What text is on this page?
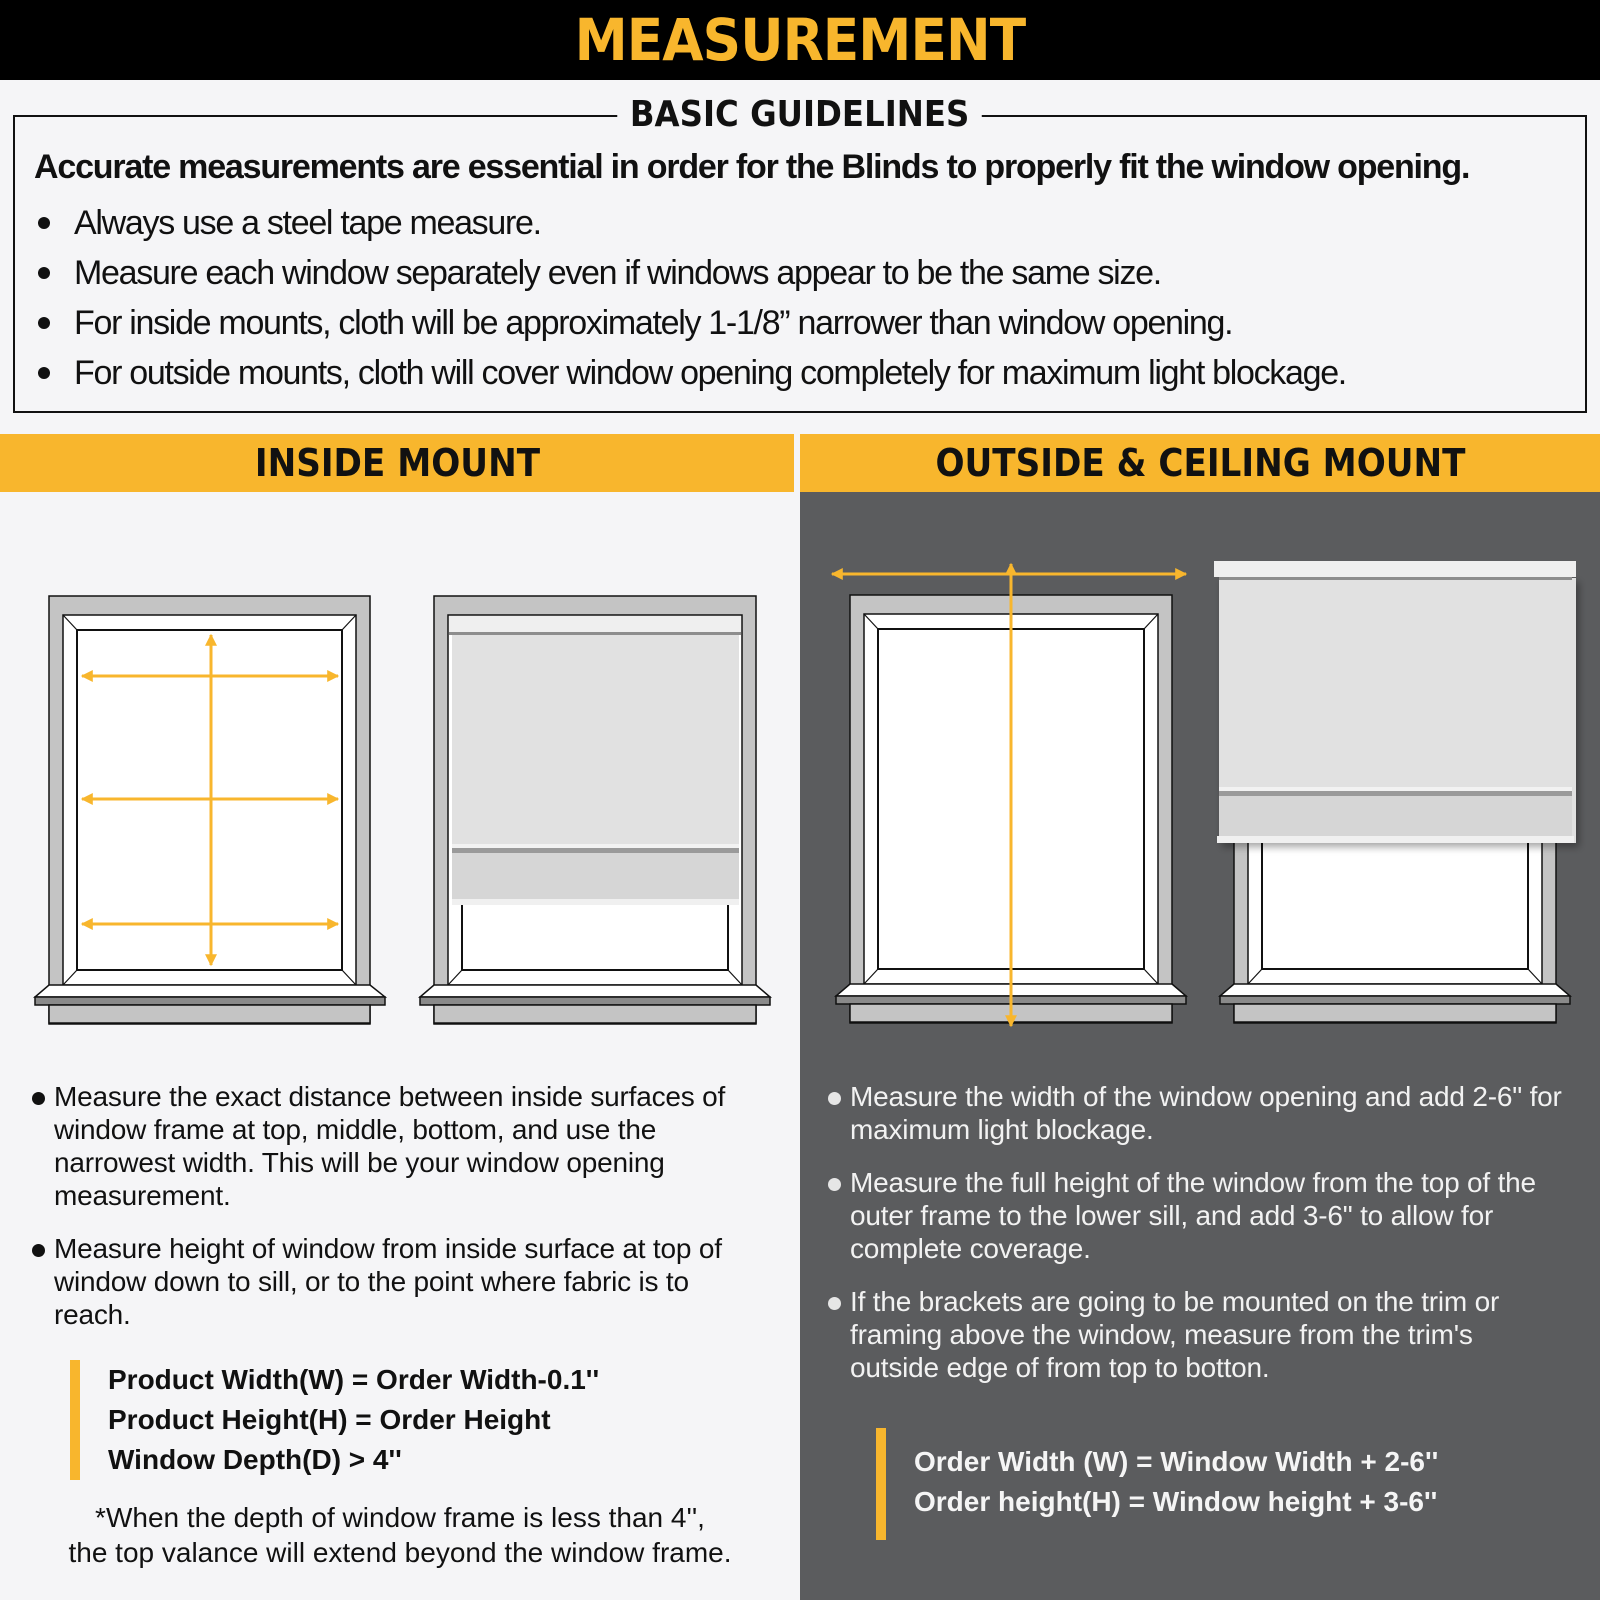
MEASUREMENT
BASIC GUIDELINES
Accurate measurements are essential in order for the Blinds to properly fit the window opening.
Always use a steel tape measure.
Measure each window separately even if windows appear to be the same size.
For inside mounts, cloth will be approximately 1-1/8” narrower than window opening.
For outside mounts, cloth will cover window opening completely for maximum light blockage.
INSIDE MOUNT	OUTSIDE & CEILING MOUNT
Measure the exact distance between inside surfaces of window frame at top, middle, bottom, and use the narrowest width. This will be your window opening measurement.
Measure height of window from inside surface at top of window down to sill, or to the point where fabric is to reach.
Product Width(W) = Order Width-0.1''
Product Height(H) = Order Height
Window Depth(D) > 4''
*When the depth of window frame is less than 4'',
the top valance will extend beyond the window frame.
Measure the width of the window opening and add 2-6" for maximum light blockage.
Measure the full height of the window from the top of the outer frame to the lower sill, and add 3-6" to allow for complete coverage.
If the brackets are going to be mounted on the trim or framing above the window, measure from the trim's outside edge of from top to botton.
Order Width (W) = Window Width + 2-6''
Order height(H) = Window height + 3-6''
